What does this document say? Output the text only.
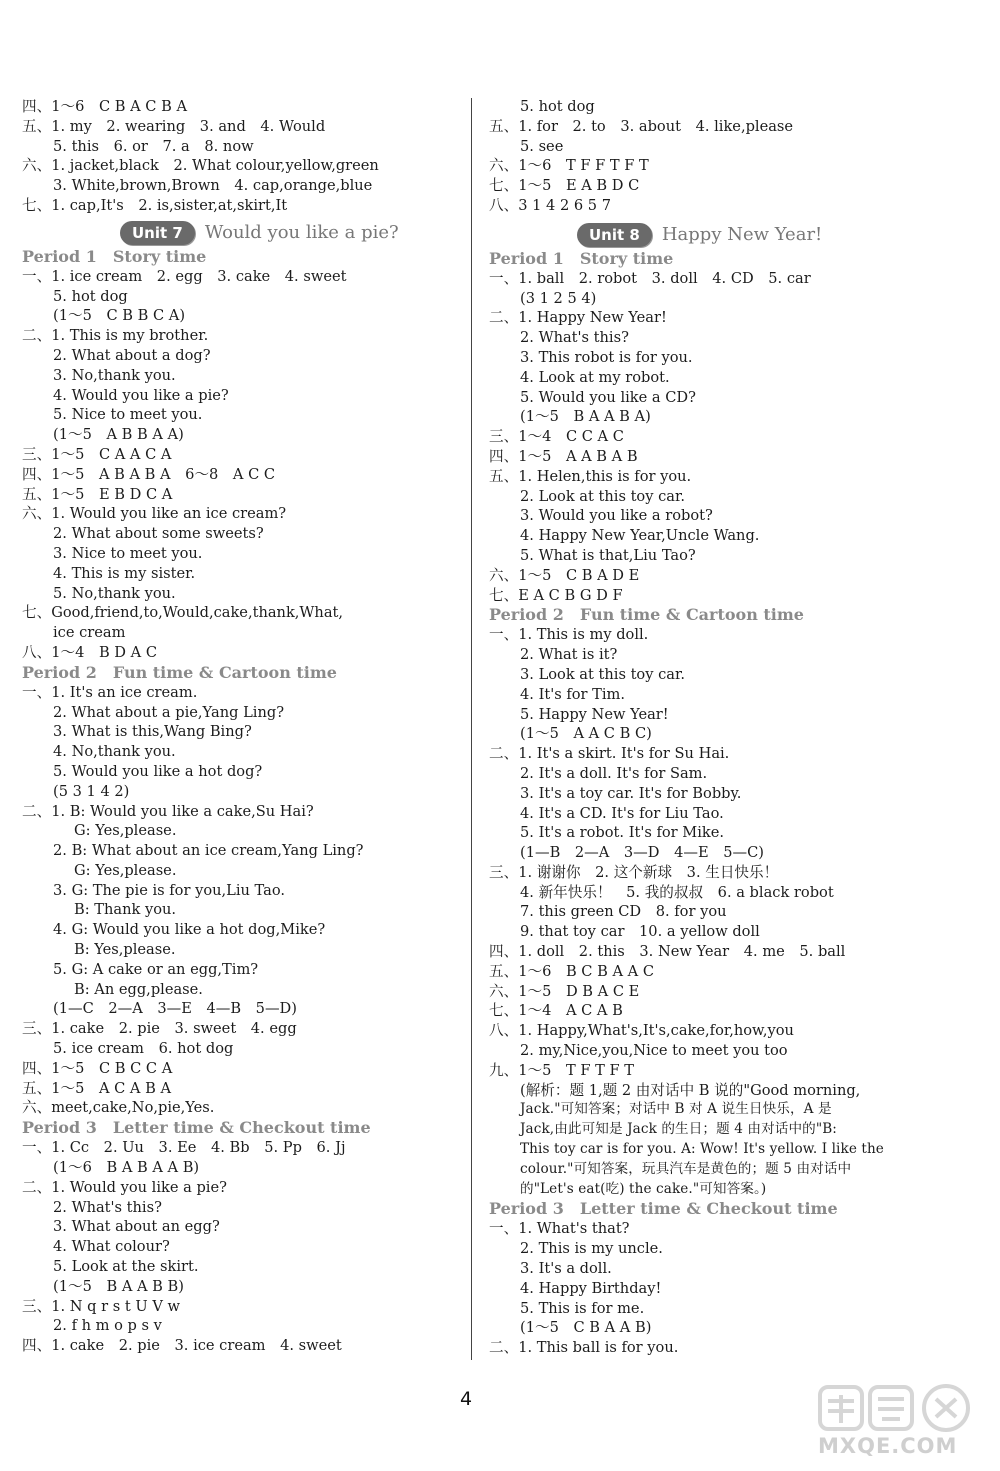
四、1～6　C B A C B A
五、1. my　2. wearing　3. and　4. Would
5. this　6. or　7. a　8. now
六、1. jacket,black　2. What colour,yellow,green
3. White,brown,Brown　4. cap,orange,blue
七、1. cap,It's　2. is,sister,at,skirt,It
Unit 7 Would you like a pie?
Period 1 Story time
一、1. ice cream　2. egg　3. cake　4. sweet
5. hot dog
(1～5　C B B C A)
二、1. This is my brother.
2. What about a dog?
3. No,thank you.
4. Would you like a pie?
5. Nice to meet you.
(1～5　A B B A A)
三、1～5　C A A C A
四、1～5　A B A B A　6～8　A C C
五、1～5　E B D C A
六、1. Would you like an ice cream?
2. What about some sweets?
3. Nice to meet you.
4. This is my sister.
5. No,thank you.
七、Good,friend,to,Would,cake,thank,What,
ice cream
八、1～4　B D A C
Period 2 Fun time & Cartoon time
一、1. It's an ice cream.
2. What about a pie,Yang Ling?
3. What is this,Wang Bing?
4. No,thank you.
5. Would you like a hot dog?
(5 3 1 4 2)
二、1. B: Would you like a cake,Su Hai?
G: Yes,please.
2. B: What about an ice cream,Yang Ling?
G: Yes,please.
3. G: The pie is for you,Liu Tao.
B: Thank you.
4. G: Would you like a hot dog,Mike?
B: Yes,please.
5. G: A cake or an egg,Tim?
B: An egg,please.
(1—C　2—A　3—E　4—B　5—D)
三、1. cake　2. pie　3. sweet　4. egg
5. ice cream　6. hot dog
四、1～5　C B C C A
五、1～5　A C A B A
六、meet,cake,No,pie,Yes.
Period 3 Letter time & Checkout time
一、1. Cc　2. Uu　3. Ee　4. Bb　5. Pp　6. Jj
(1～6　B A B A A B)
二、1. Would you like a pie?
2. What's this?
3. What about an egg?
4. What colour?
5. Look at the skirt.
(1～5　B A A B B)
三、1. N q r s t U V w
2. f h m o p s v
四、1. cake　2. pie　3. ice cream　4. sweet
5. hot dog
五、1. for　2. to　3. about　4. like,please
5. see
六、1～6　T F F T F T
七、1～5　E A B D C
八、3 1 4 2 6 5 7
Unit 8 Happy New Year!
Period 1 Story time
一、1. ball　2. robot　3. doll　4. CD　5. car
(3 1 2 5 4)
二、1. Happy New Year!
2. What's this?
3. This robot is for you.
4. Look at my robot.
5. Would you like a CD?
(1～5　B A A B A)
三、1～4　C C A C
四、1～5　A A B A B
五、1. Helen,this is for you.
2. Look at this toy car.
3. Would you like a robot?
4. Happy New Year,Uncle Wang.
5. What is that,Liu Tao?
六、1～5　C B A D E
七、E A C B G D F
Period 2 Fun time & Cartoon time
一、1. This is my doll.
2. What is it?
3. Look at this toy car.
4. It's for Tim.
5. Happy New Year!
(1～5　A A C B C)
二、1. It's a skirt. It's for Su Hai.
2. It's a doll. It's for Sam.
3. It's a toy car. It's for Bobby.
4. It's a CD. It's for Liu Tao.
5. It's a robot. It's for Mike.
(1—B　2—A　3—D　4—E　5—C)
三、1. 谢谢你　2. 这个新球　3. 生日快乐！
4. 新年快乐！　5. 我的叔叔　6. a black robot
7. this green CD　8. for you
9. that toy car　10. a yellow doll
四、1. doll　2. this　3. New Year　4. me　5. ball
五、1～6　B C B A A C
六、1～5　D B A C E
七、1～4　A C A B
八、1. Happy,What's,It's,cake,for,how,you
2. my,Nice,you,Nice to meet you too
九、1～5　T F T F T
(解析：题 1,题 2 由对话中 B 说的"Good morning,
Jack."可知答案；对话中 B 对 A 说生日快乐，A 是
Jack,由此可知是 Jack 的生日；题 4 由对话中的"B:
This toy car is for you. A: Wow! It's yellow. I like the
colour."可知答案，玩具汽车是黄色的；题 5 由对话中
的"Let's eat(吃) the cake."可知答案。)
Period 3 Letter time & Checkout time
一、1. What's that?
2. This is my uncle.
3. It's a doll.
4. Happy Birthday!
5. This is for me.
(1～5　C B A A B)
二、1. This ball is for you.
4
MXQE.COM
